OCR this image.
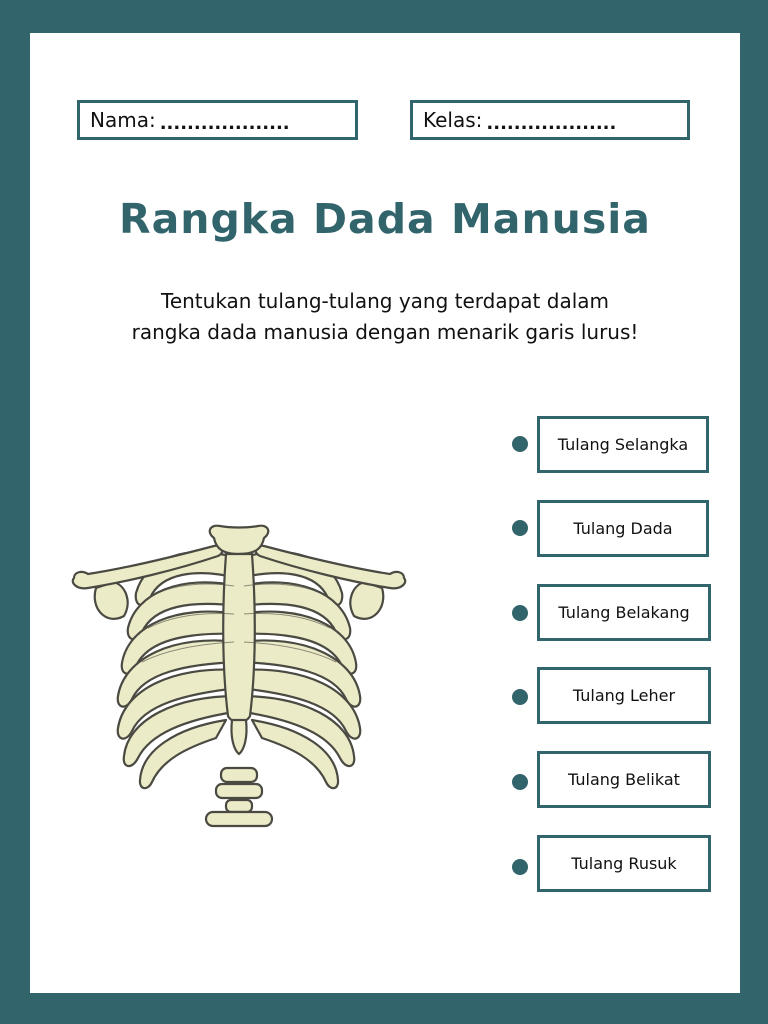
Nama: ...................	Kelas: ...................
Rangka Dada Manusia
Tentukan tulang-tulang yang terdapat dalam
rangka dada manusia dengan menarik garis lurus!
Tulang Selangka
Tulang Dada
Tulang Belakang
Tulang Leher
Tulang Belikat
Tulang Rusuk
